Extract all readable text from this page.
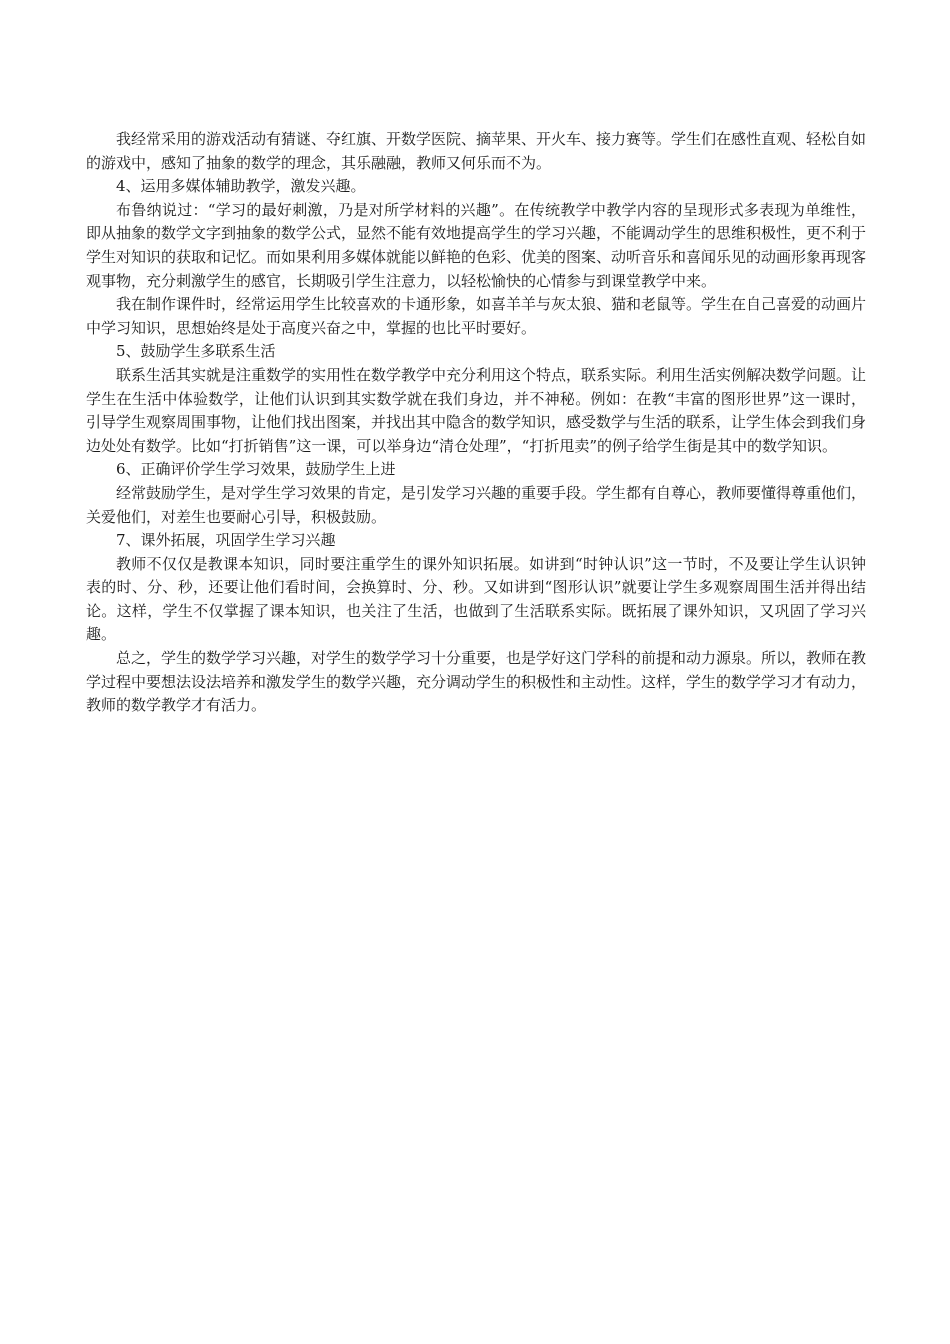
我经常采用的游戏活动有猜谜、夺红旗、开数学医院、摘苹果、开火车、接力赛等。学生们在感性直观、轻松自如的游戏中，感知了抽象的数学的理念，其乐融融，教师又何乐而不为。

4、运用多媒体辅助教学，激发兴趣。

布鲁纳说过：“学习的最好刺激，乃是对所学材料的兴趣”。在传统教学中教学内容的呈现形式多表现为单维性，即从抽象的数学文字到抽象的数学公式，显然不能有效地提高学生的学习兴趣，不能调动学生的思维积极性，更不利于学生对知识的获取和记忆。而如果利用多媒体就能以鲜艳的色彩、优美的图案、动听音乐和喜闻乐见的动画形象再现客观事物，充分刺激学生的感官，长期吸引学生注意力，以轻松愉快的心情参与到课堂教学中来。

我在制作课件时，经常运用学生比较喜欢的卡通形象，如喜羊羊与灰太狼、猫和老鼠等。学生在自己喜爱的动画片中学习知识，思想始终是处于高度兴奋之中，掌握的也比平时要好。

5、鼓励学生多联系生活

联系生活其实就是注重数学的实用性在数学教学中充分利用这个特点，联系实际。利用生活实例解决数学问题。让学生在生活中体验数学，让他们认识到其实数学就在我们身边，并不神秘。例如：在教“丰富的图形世界”这一课时，引导学生观察周围事物，让他们找出图案，并找出其中隐含的数学知识，感受数学与生活的联系，让学生体会到我们身边处处有数学。比如“打折销售”这一课，可以举身边“清仓处理”，“打折甩卖”的例子给学生街是其中的数学知识。

6、正确评价学生学习效果，鼓励学生上进

经常鼓励学生，是对学生学习效果的肯定，是引发学习兴趣的重要手段。学生都有自尊心，教师要懂得尊重他们，关爱他们，对差生也要耐心引导，积极鼓励。

7、课外拓展，巩固学生学习兴趣

教师不仅仅是教课本知识，同时要注重学生的课外知识拓展。如讲到“时钟认识”这一节时，不及要让学生认识钟表的时、分、秒，还要让他们看时间，会换算时、分、秒。又如讲到“图形认识”就要让学生多观察周围生活并得出结论。这样，学生不仅掌握了课本知识，也关注了生活，也做到了生活联系实际。既拓展了课外知识，又巩固了学习兴趣。

总之，学生的数学学习兴趣，对学生的数学学习十分重要，也是学好这门学科的前提和动力源泉。所以，教师在教学过程中要想法设法培养和激发学生的数学兴趣，充分调动学生的积极性和主动性。这样，学生的数学学习才有动力，教师的数学教学才有活力。
